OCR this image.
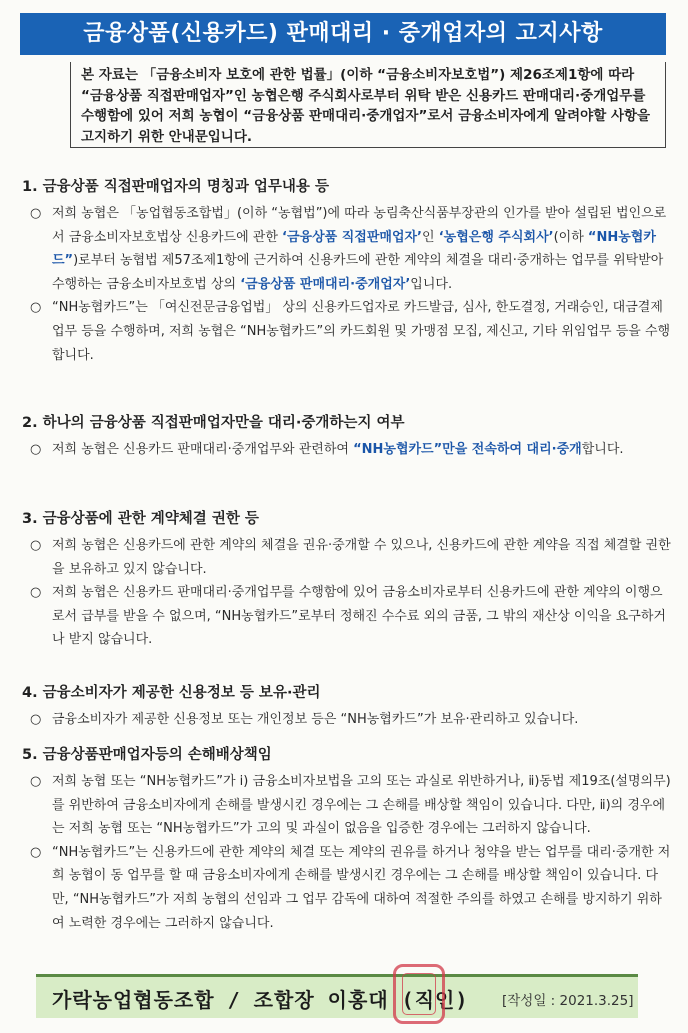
금융상품(신용카드) 판매대리 · 중개업자의 고지사항
본 자료는 「금융소비자 보호에 관한 법률」(이하 “금융소비자보호법”) 제26조제1항에 따라 “금융상품 직접판매업자”인 농협은행 주식회사로부터 위탁 받은 신용카드 판매대리·중개업무를 수행함에 있어 저희 농협이 “금융상품 판매대리·중개업자”로서 금융소비자에게 알려야할 사항을 고지하기 위한 안내문입니다.
1. 금융상품 직접판매업자의 명칭과 업무내용 등
○ 저희 농협은 「농업협동조합법」(이하 “농협법”)에 따라 농림축산식품부장관의 인가를 받아 설립된 법인으로서 금융소비자보호법상 신용카드에 관한 ‘금융상품 직접판매업자’인 ‘농협은행 주식회사’(이하 “NH농협카드”)로부터 농협법 제57조제1항에 근거하여 신용카드에 관한 계약의 체결을 대리·중개하는 업무를 위탁받아 수행하는 금융소비자보호법 상의 ‘금융상품 판매대리·중개업자’입니다.
○ “NH농협카드”는 「여신전문금융업법」 상의 신용카드업자로 카드발급, 심사, 한도결정, 거래승인, 대금결제 업무 등을 수행하며, 저희 농협은 “NH농협카드”의 카드회원 및 가맹점 모집, 제신고, 기타 위임업무 등을 수행합니다.
2. 하나의 금융상품 직접판매업자만을 대리·중개하는지 여부
○ 저희 농협은 신용카드 판매대리·중개업무와 관련하여 “NH농협카드”만을 전속하여 대리·중개합니다.
3. 금융상품에 관한 계약체결 권한 등
○ 저희 농협은 신용카드에 관한 계약의 체결을 권유·중개할 수 있으나, 신용카드에 관한 계약을 직접 체결할 권한을 보유하고 있지 않습니다.
○ 저희 농협은 신용카드 판매대리·중개업무를 수행함에 있어 금융소비자로부터 신용카드에 관한 계약의 이행으로서 급부를 받을 수 없으며, “NH농협카드”로부터 정해진 수수료 외의 금품, 그 밖의 재산상 이익을 요구하거나 받지 않습니다.
4. 금융소비자가 제공한 신용정보 등 보유·관리
○ 금융소비자가 제공한 신용정보 또는 개인정보 등은 “NH농협카드”가 보유·관리하고 있습니다.
5. 금융상품판매업자등의 손해배상책임
○ 저희 농협 또는 “NH농협카드”가 ⅰ) 금융소비자보법을 고의 또는 과실로 위반하거나, ⅱ)동법 제19조(설명의무)를 위반하여 금융소비자에게 손해를 발생시킨 경우에는 그 손해를 배상할 책임이 있습니다. 다만, ⅱ)의 경우에는 저희 농협 또는 “NH농협카드”가 고의 및 과실이 없음을 입증한 경우에는 그러하지 않습니다.
○ “NH농협카드”는 신용카드에 관한 계약의 체결 또는 계약의 권유를 하거나 청약을 받는 업무를 대리·중개한 저희 농협이 동 업무를 할 때 금융소비자에게 손해를 발생시킨 경우에는 그 손해를 배상할 책임이 있습니다. 다만, “NH농협카드”가 저희 농협의 선임과 그 업무 감독에 대하여 적절한 주의를 하였고 손해를 방지하기 위하여 노력한 경우에는 그러하지 않습니다.
가락농업협동조합 / 조합장 이홍대 (직인) [작성일 : 2021.3.25]
